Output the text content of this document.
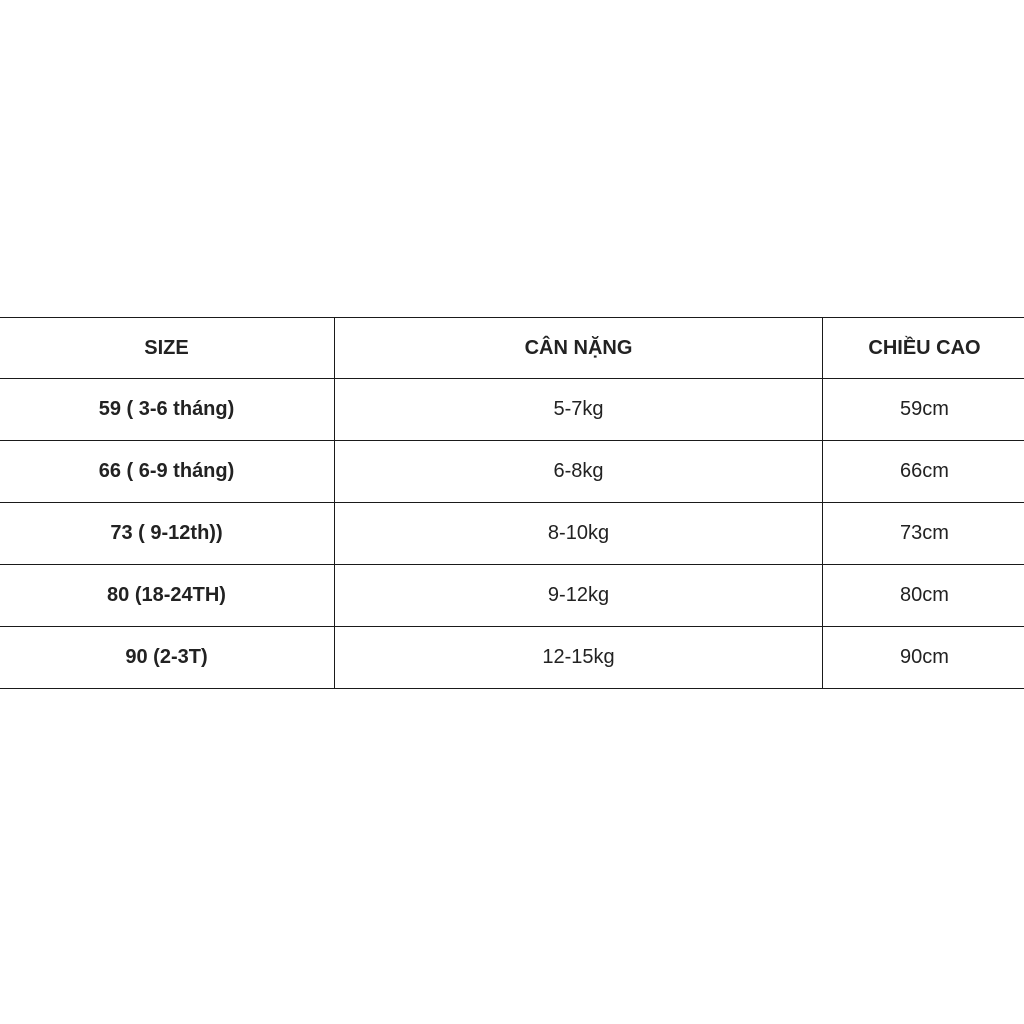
SIZE	CÂN NẶNG	CHIỀU CAO
59 ( 3-6 tháng)	5-7kg	59cm
66 ( 6-9 tháng)	6-8kg	66cm
73 ( 9-12th))	8-10kg	73cm
80 (18-24TH)	9-12kg	80cm
90 (2-3T)	12-15kg	90cm
